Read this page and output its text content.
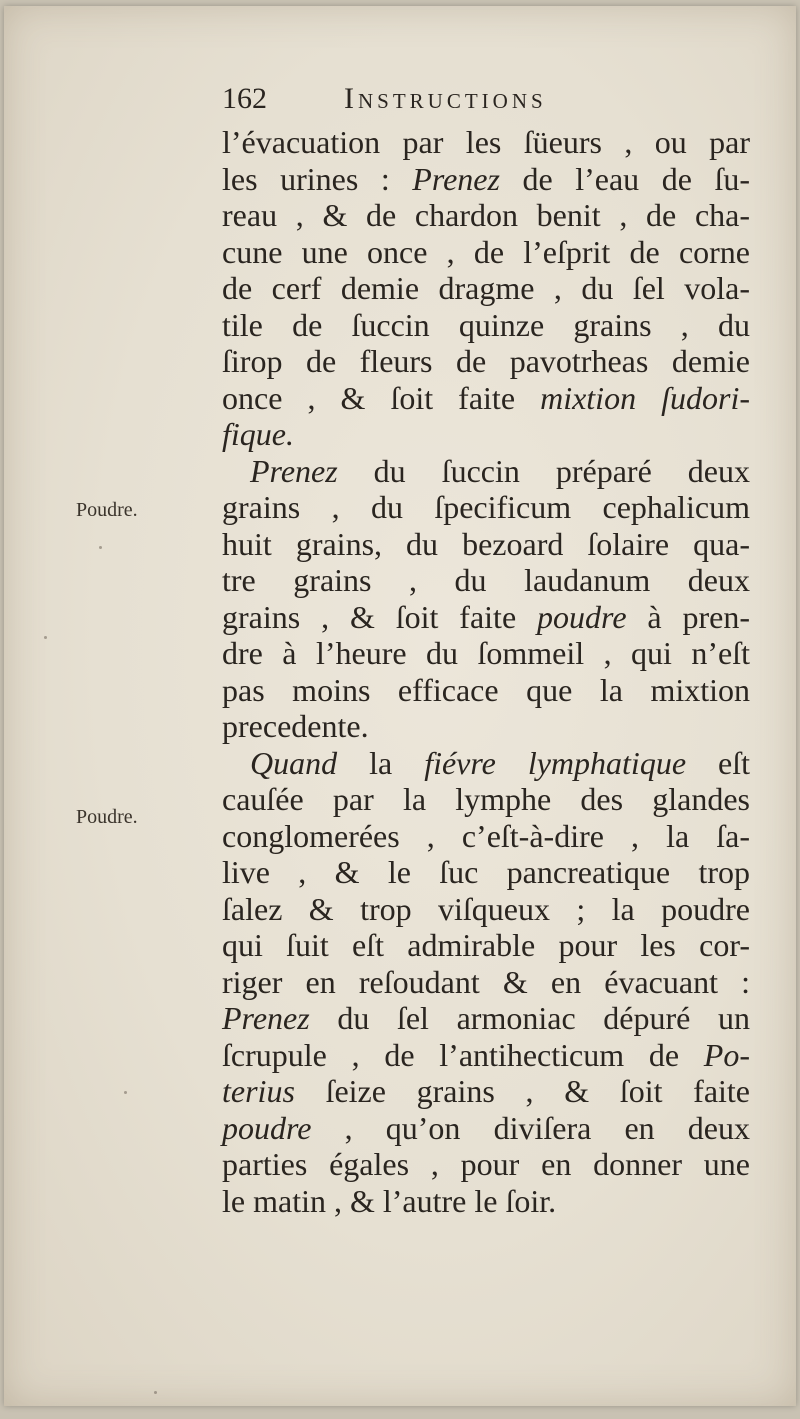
162	Instructions
Poudre.
Poudre.
l’évacuation par les ſüeurs , ou par
les urines : Prenez de l’eau de ſu-
reau , & de chardon benit , de cha-
cune une once , de l’eſprit de corne
de cerf demie dragme , du ſel vola-
tile de ſuccin quinze grains , du
ſirop de fleurs de pavotrheas demie
once , & ſoit faite mixtion ſudori-
fique.
Prenez du ſuccin préparé deux
grains , du ſpecificum cephalicum
huit grains, du bezoard ſolaire qua-
tre grains , du laudanum deux
grains , & ſoit faite poudre à pren-
dre à l’heure du ſommeil , qui n’eſt
pas moins efficace que la mixtion
precedente.
Quand la fiévre lymphatique eſt
cauſée par la lymphe des glandes
conglomerées , c’eſt-à-dire , la ſa-
live , & le ſuc pancreatique trop
ſalez & trop viſqueux ; la poudre
qui ſuit eſt admirable pour les cor-
riger en reſoudant & en évacuant :
Prenez du ſel armoniac dépuré un
ſcrupule , de l’antihecticum de Po-
terius ſeize grains , & ſoit faite
poudre , qu’on diviſera en deux
parties égales , pour en donner une
le matin , & l’autre le ſoir.
